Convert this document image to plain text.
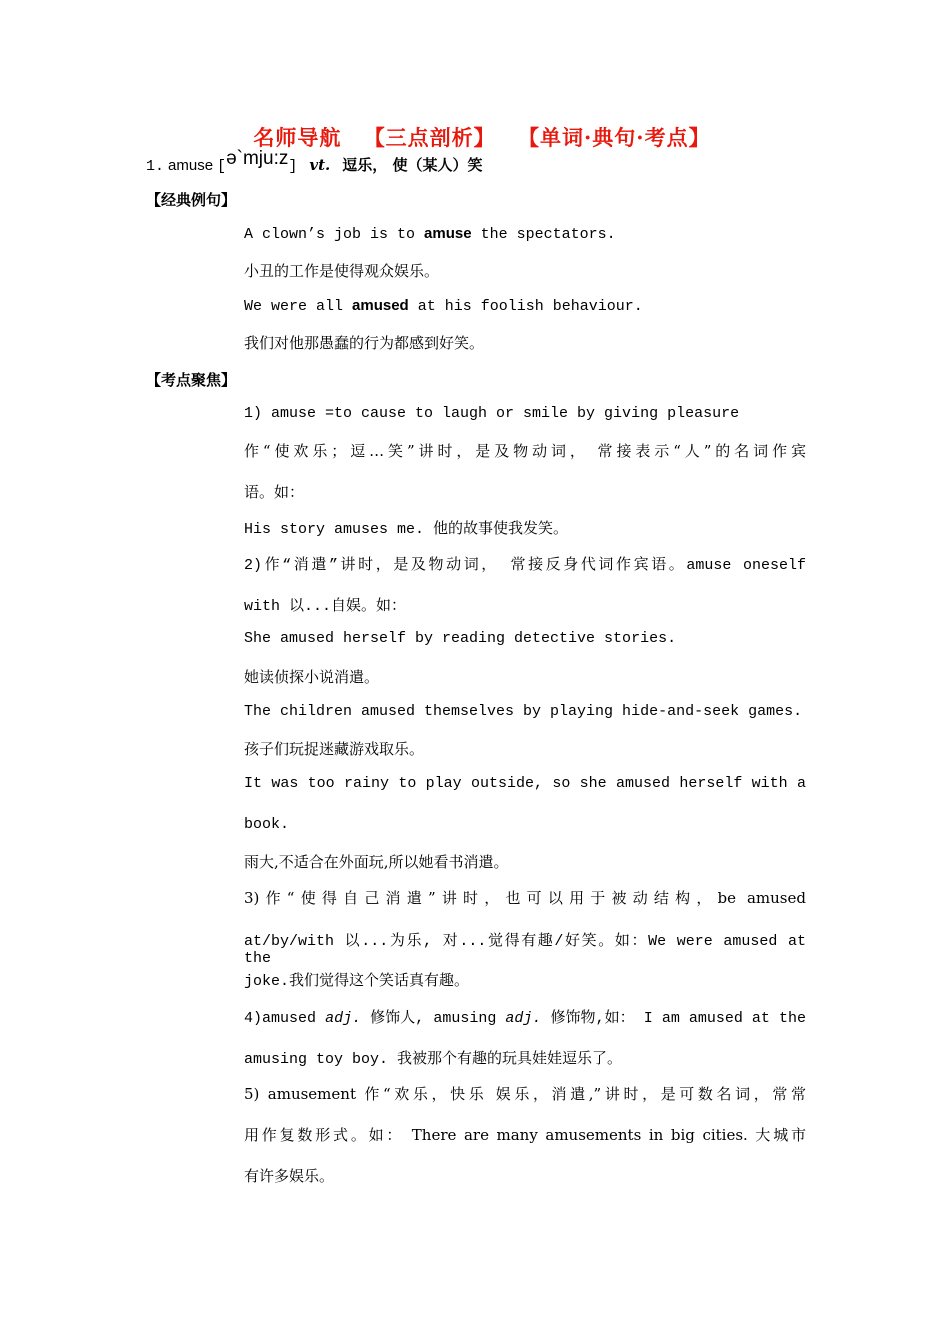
名师导航 【三点剖析】 【单词·典句·考点】
1. amuse [ə`mju:z] vt. 逗乐， 使（某人）笑
【经典例句】
A clown’s job is to amuse the spectators.
小丑的工作是使得观众娱乐。
We were all amused at his foolish behaviour.
我们对他那愚蠢的行为都感到好笑。
【考点聚焦】
1) amuse =to cause to laugh or smile by giving pleasure
作“使欢乐；逗…笑”讲时，是及物动词， 常接表示“人”的名词作宾
语。如：
His story amuses me. 他的故事使我发笑。
2)作“消遣”讲时，是及物动词， 常接反身代词作宾语。amuse oneself
with 以...自娱。如：
She amused herself by reading detective stories.
她读侦探小说消遣。
The children amused themselves by playing hide-and-seek games.
孩子们玩捉迷藏游戏取乐。
It was too rainy to play outside, so she amused herself with a
book.
雨大,不适合在外面玩,所以她看书消遣。
3)作“使得自己消遣”讲时，也可以用于被动结构，be amused
at/by/with 以...为乐, 对...觉得有趣/好笑。如：We were amused at the
joke.我们觉得这个笑话真有趣。
4)amused adj. 修饰人, amusing adj. 修饰物,如： I am amused at the
amusing toy boy. 我被那个有趣的玩具娃娃逗乐了。
5) amusement 作“欢乐，快乐 娱乐，消遣,”讲时，是可数名词，常常
用作复数形式。如： There are many amusements in big cities. 大城市
有许多娱乐。
